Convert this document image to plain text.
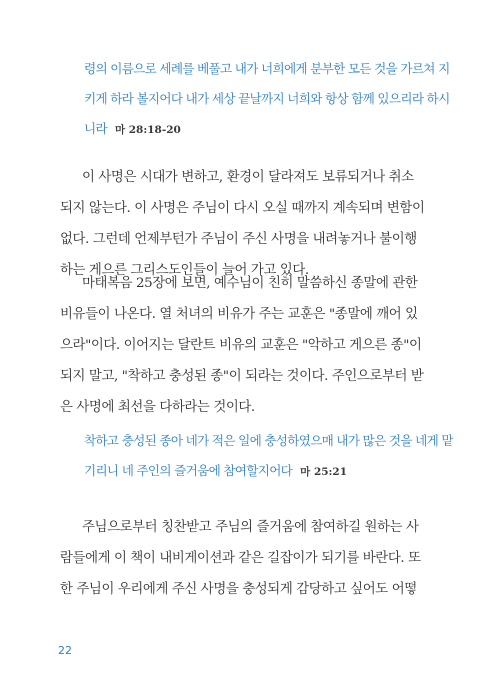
령의 이름으로 세례를 베풀고 내가 너희에게 분부한 모든 것을 가르쳐 지
키게 하라 볼지어다 내가 세상 끝날까지 너희와 항상 함께 있으리라 하시
니라 마 28:18-20
이 사명은 시대가 변하고, 환경이 달라져도 보류되거나 취소
되지 않는다. 이 사명은 주님이 다시 오실 때까지 계속되며 변함이
없다. 그런데 언제부턴가 주님이 주신 사명을 내려놓거나 불이행
하는 게으른 그리스도인들이 늘어 가고 있다.
마태복음 25장에 보면, 예수님이 친히 말씀하신 종말에 관한
비유들이 나온다. 열 처녀의 비유가 주는 교훈은 "종말에 깨어 있
으라"이다. 이어지는 달란트 비유의 교훈은 "악하고 게으른 종"이
되지 말고, "착하고 충성된 종"이 되라는 것이다. 주인으로부터 받
은 사명에 최선을 다하라는 것이다.
착하고 충성된 종아 네가 적은 일에 충성하였으매 내가 많은 것을 네게 맡
기리니 네 주인의 즐거움에 참여할지어다 마 25:21
주님으로부터 칭찬받고 주님의 즐거움에 참여하길 원하는 사
람들에게 이 책이 내비게이션과 같은 길잡이가 되기를 바란다. 또
한 주님이 우리에게 주신 사명을 충성되게 감당하고 싶어도 어떻
22
